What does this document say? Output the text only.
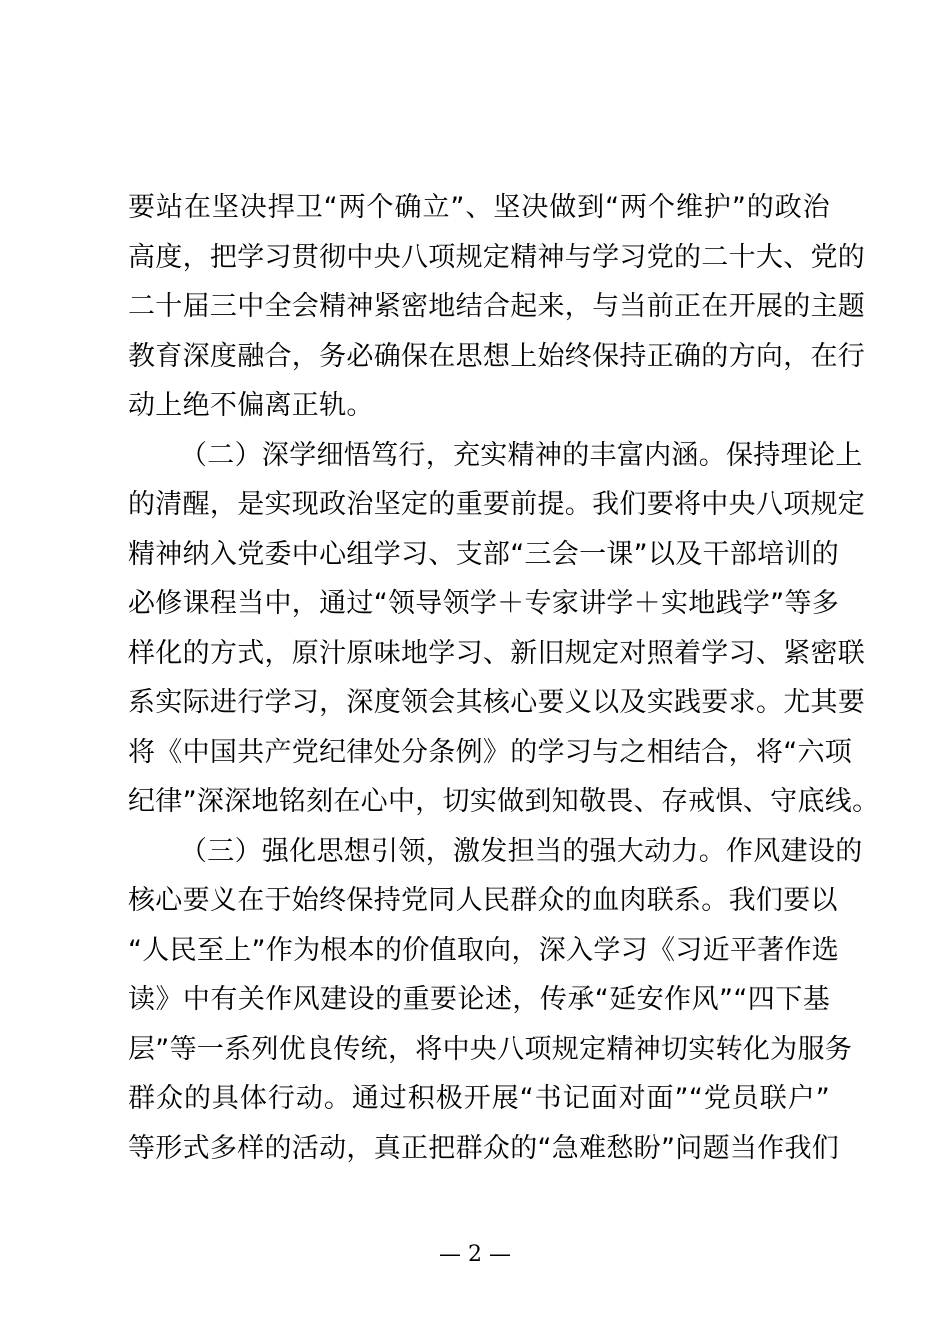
要站在坚决捍卫“两个确立”、坚决做到“两个维护”的政治
高度，把学习贯彻中央八项规定精神与学习党的二十大、党的
二十届三中全会精神紧密地结合起来，与当前正在开展的主题
教育深度融合，务必确保在思想上始终保持正确的方向，在行
动上绝不偏离正轨。
（二）深学细悟笃行，充实精神的丰富内涵。保持理论上
的清醒，是实现政治坚定的重要前提。我们要将中央八项规定
精神纳入党委中心组学习、支部“三会一课”以及干部培训的
必修课程当中，通过“领导领学＋专家讲学＋实地践学”等多
样化的方式，原汁原味地学习、新旧规定对照着学习、紧密联
系实际进行学习，深度领会其核心要义以及实践要求。尤其要
将《中国共产党纪律处分条例》的学习与之相结合，将“六项
纪律”深深地铭刻在心中，切实做到知敬畏、存戒惧、守底线。
（三）强化思想引领，激发担当的强大动力。作风建设的
核心要义在于始终保持党同人民群众的血肉联系。我们要以
“人民至上”作为根本的价值取向，深入学习《习近平著作选
读》中有关作风建设的重要论述，传承“延安作风”“四下基
层”等一系列优良传统，将中央八项规定精神切实转化为服务
群众的具体行动。通过积极开展“书记面对面”“党员联户”
等形式多样的活动，真正把群众的“急难愁盼”问题当作我们
— 2 —
